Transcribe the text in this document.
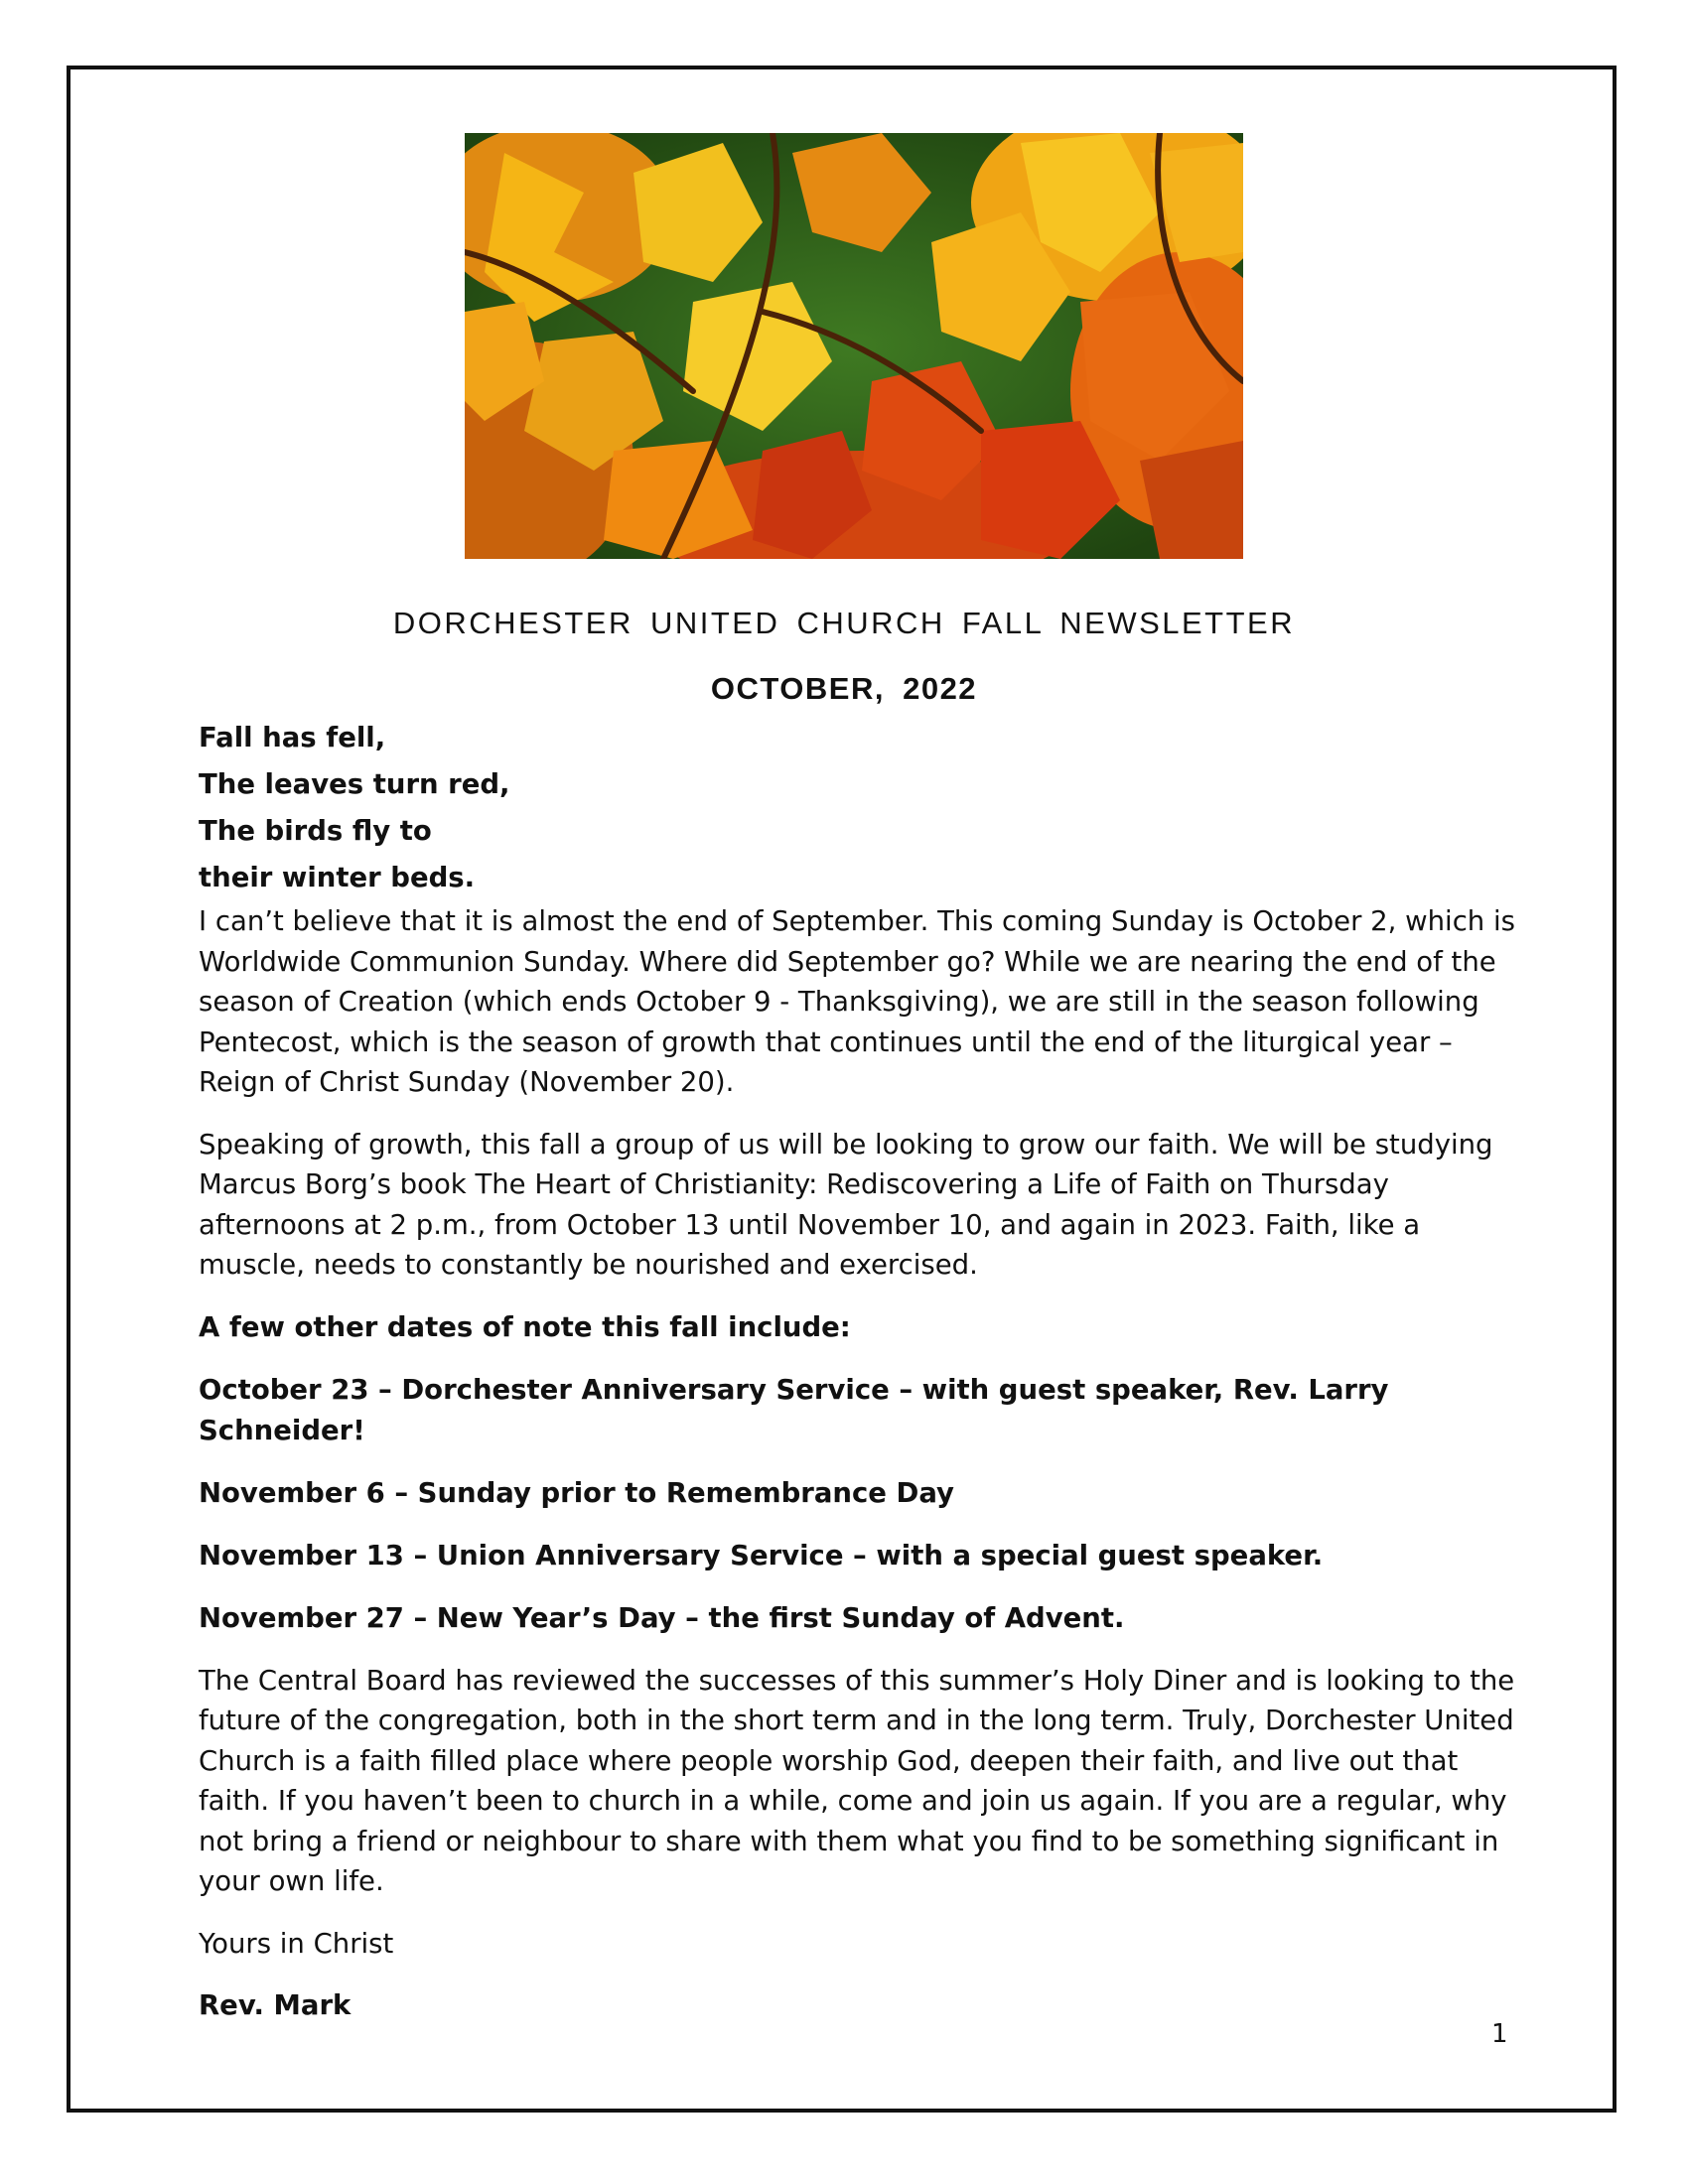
DORCHESTER UNITED CHURCH FALL NEWSLETTER
OCTOBER, 2022
Fall has fell,
The leaves turn red,
The birds fly to
their winter beds.

I can’t believe that it is almost the end of September. This coming Sunday is October 2, which is Worldwide Communion Sunday. Where did September go? While we are nearing the end of the season of Creation (which ends October 9 - Thanksgiving), we are still in the season following Pentecost, which is the season of growth that continues until the end of the liturgical year – Reign of Christ Sunday (November 20).

Speaking of growth, this fall a group of us will be looking to grow our faith. We will be studying Marcus Borg’s book The Heart of Christianity: Rediscovering a Life of Faith on Thursday afternoons at 2 p.m., from October 13 until November 10, and again in 2023. Faith, like a muscle, needs to constantly be nourished and exercised.

A few other dates of note this fall include:

October 23 – Dorchester Anniversary Service – with guest speaker, Rev. Larry Schneider!

November 6 – Sunday prior to Remembrance Day

November 13 – Union Anniversary Service – with a special guest speaker.

November 27 – New Year’s Day – the first Sunday of Advent.

The Central Board has reviewed the successes of this summer’s Holy Diner and is looking to the future of the congregation, both in the short term and in the long term. Truly, Dorchester United Church is a faith filled place where people worship God, deepen their faith, and live out that faith. If you haven’t been to church in a while, come and join us again. If you are a regular, why not bring a friend or neighbour to share with them what you find to be something significant in your own life.

Yours in Christ

Rev. Mark

1
